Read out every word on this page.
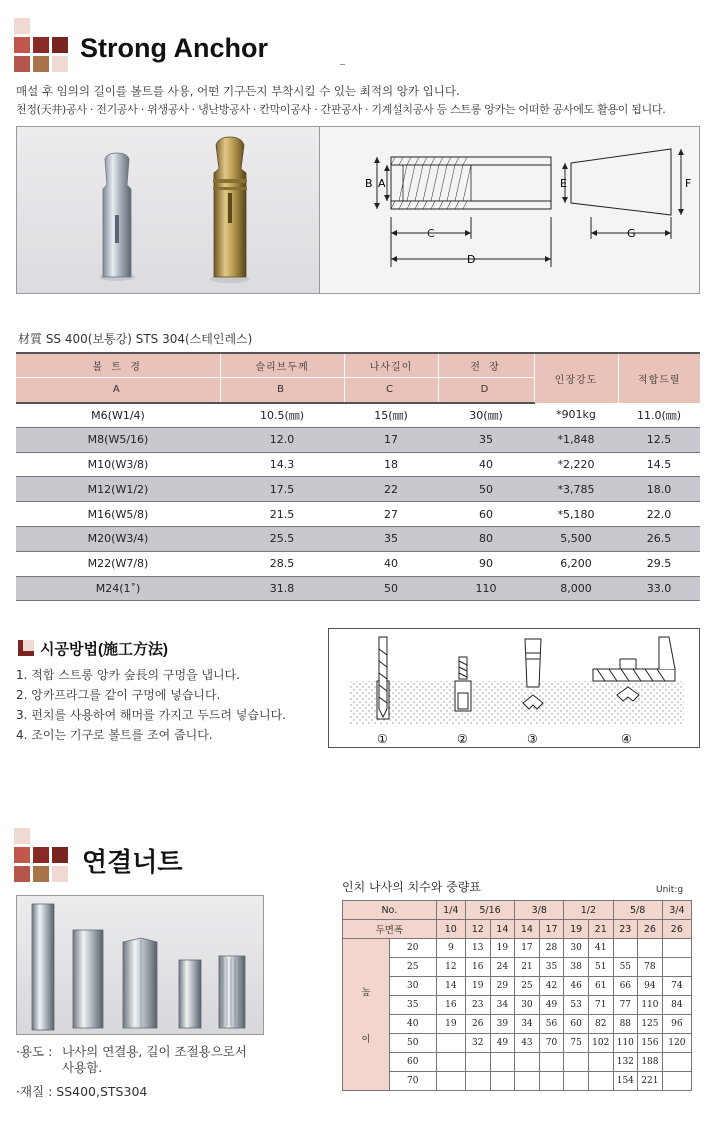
Strong Anchor
매설 후 임의의 길이를 볼트를 사용, 어떤 기구든지 부착시킬 수 있는 최적의 앙카 입니다.
천정(天井)공사 · 전기공사 · 위생공사 · 냉난방공사 · 칸막이공사 · 간판공사 · 기계설치공사 등 스트롱 앙카는 어떠한 공사에도 활용이 됩니다.
B A
C
D
E	F
G
材質 SS 400(보통강) STS 304(스테인레스)
볼 트 경	슬리브두께	나사길이	전 장	인장강도	적합드릴
A	B	C	D		
M6(W1/4)	10.5(㎜)	15(㎜)	30(㎜)	*901kg	11.0(㎜)
M8(W5/16)	12.0	17	35	*1,848	12.5
M10(W3/8)	14.3	18	40	*2,220	14.5
M12(W1/2)	17.5	22	50	*3,785	18.0
M16(W5/8)	21.5	27	60	*5,180	22.0
M20(W3/4)	25.5	35	80	5,500	26.5
M22(W7/8)	28.5	40	90	6,200	29.5
M24(1˚)	31.8	50	110	8,000	33.0
시공방법(施工方法)
1. 적합 스트롱 앙카 숲長의 구멍을 냅니다.
2. 앙카프라그를 같이 구멍에 넣습니다.
3. 펀치를 사용하여 해머를 가지고 두드려 넣습니다.
4. 조이는 기구로 볼트를 조여 줍니다.	①	②	③	④
연결너트
·용도 : 나사의 연결용, 길이 조절용으로서
사용함.
·재질 : SS400,STS304
인치 나사의 치수와 중량표	Unit:g
No.		1/4	5/16		3/8		1/2		5/8		3/4
두면폭		10	12	14	14	17	19	21	23	26	26

높
이	20	9	13	19	17	28	30	41			
	25	12	16	24	21	35	38	51	55	78	
	30	14	19	29	25	42	46	61	66	94	74
	35	16	23	34	30	49	53	71	77	110	84
	40	19	26	39	34	56	60	82	88	125	96
	50		32	49	43	70	75	102	110	156	120
	60								132	188	
	70								154	221	
